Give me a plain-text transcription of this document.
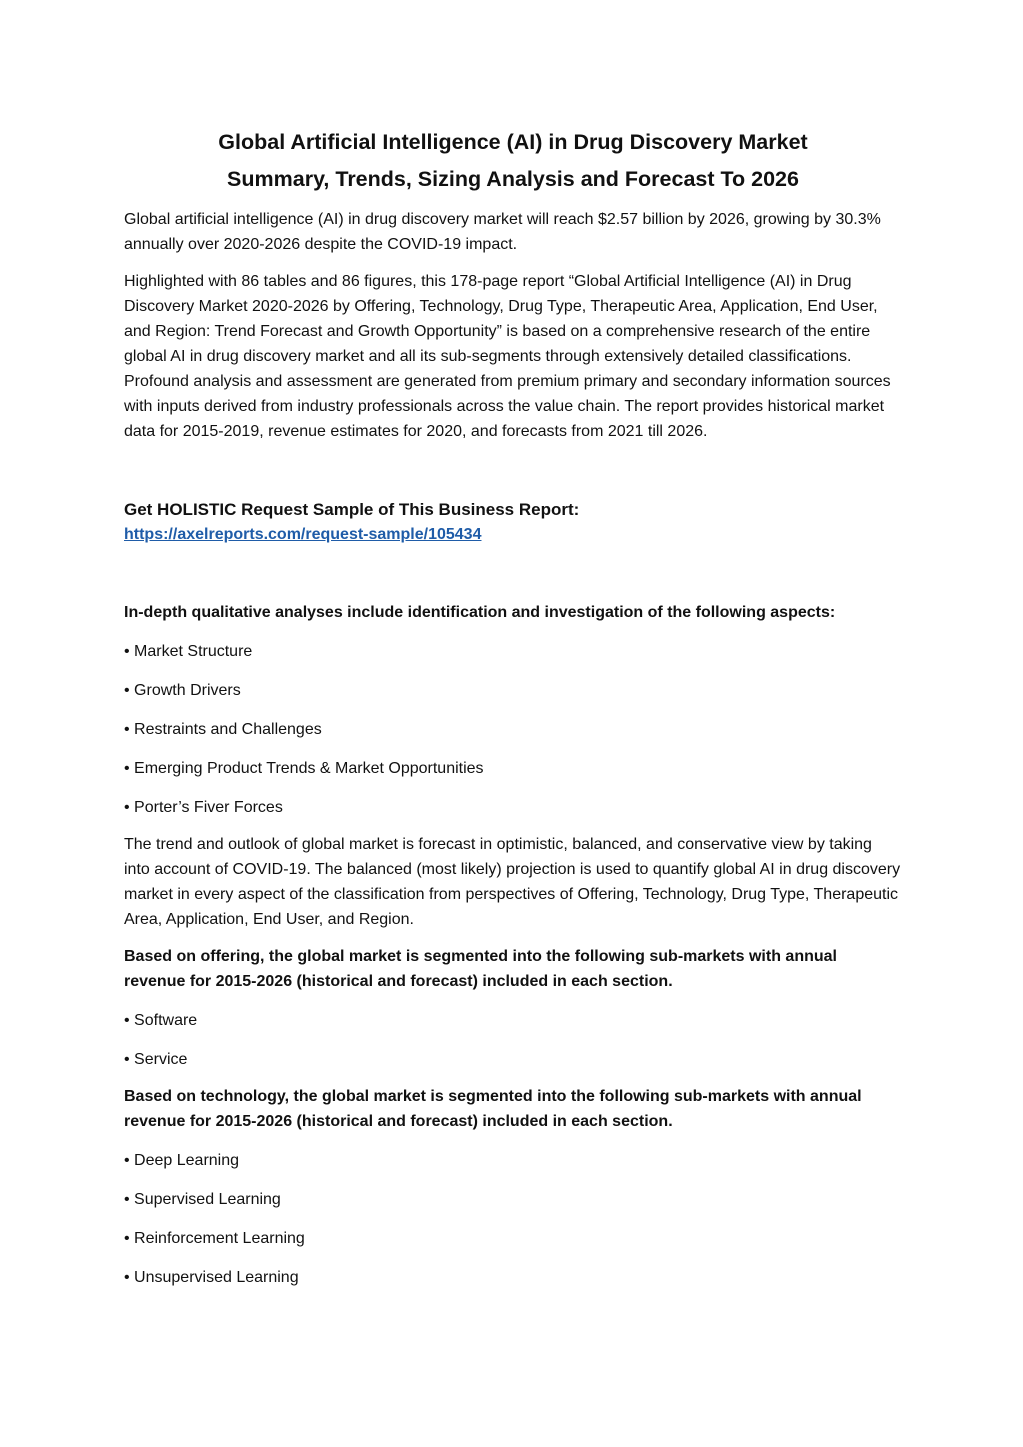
Global Artificial Intelligence (AI) in Drug Discovery Market
Summary, Trends, Sizing Analysis and Forecast To 2026

Global artificial intelligence (AI) in drug discovery market will reach $2.57 billion by 2026, growing by 30.3% annually over 2020-2026 despite the COVID-19 impact.

Highlighted with 86 tables and 86 figures, this 178-page report “Global Artificial Intelligence (AI) in Drug Discovery Market 2020-2026 by Offering, Technology, Drug Type, Therapeutic Area, Application, End User, and Region: Trend Forecast and Growth Opportunity” is based on a comprehensive research of the entire global AI in drug discovery market and all its sub-segments through extensively detailed classifications. Profound analysis and assessment are generated from premium primary and secondary information sources with inputs derived from industry professionals across the value chain. The report provides historical market data for 2015-2019, revenue estimates for 2020, and forecasts from 2021 till 2026.

Get HOLISTIC Request Sample of This Business Report:
https://axelreports.com/request-sample/105434

In-depth qualitative analyses include identification and investigation of the following aspects:

• Market Structure
• Growth Drivers
• Restraints and Challenges
• Emerging Product Trends & Market Opportunities
• Porter’s Fiver Forces

The trend and outlook of global market is forecast in optimistic, balanced, and conservative view by taking into account of COVID-19. The balanced (most likely) projection is used to quantify global AI in drug discovery market in every aspect of the classification from perspectives of Offering, Technology, Drug Type, Therapeutic Area, Application, End User, and Region.

Based on offering, the global market is segmented into the following sub-markets with annual revenue for 2015-2026 (historical and forecast) included in each section.

• Software
• Service

Based on technology, the global market is segmented into the following sub-markets with annual revenue for 2015-2026 (historical and forecast) included in each section.

• Deep Learning
• Supervised Learning
• Reinforcement Learning
• Unsupervised Learning
